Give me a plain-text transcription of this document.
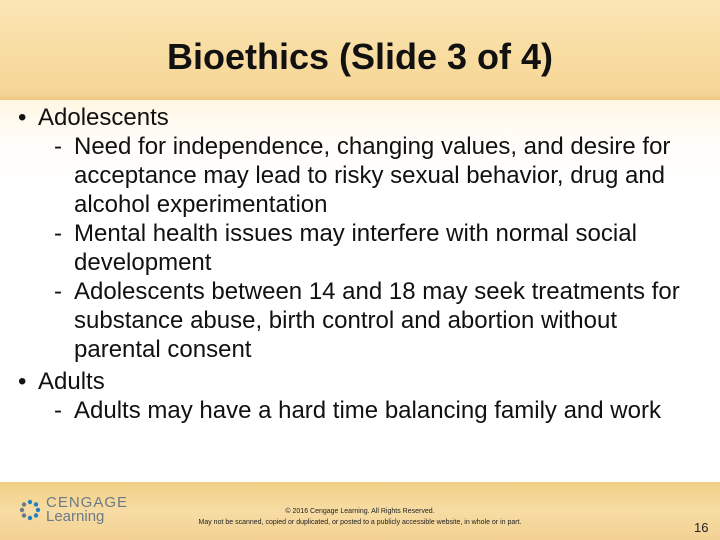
Bioethics (Slide 3 of 4)
• Adolescents
- Need for independence, changing values, and desire for acceptance may lead to risky sexual behavior, drug and alcohol experimentation
- Mental health issues may interfere with normal social development
- Adolescents between 14 and 18 may seek treatments for substance abuse, birth control and abortion without parental consent
• Adults
- Adults may have a hard time balancing family and work
CENGAGE
Learning	© 2016 Cengage Learning. All Rights Reserved.
May not be scanned, copied or duplicated, or posted to a publicly accessible website, in whole or in part.	16
